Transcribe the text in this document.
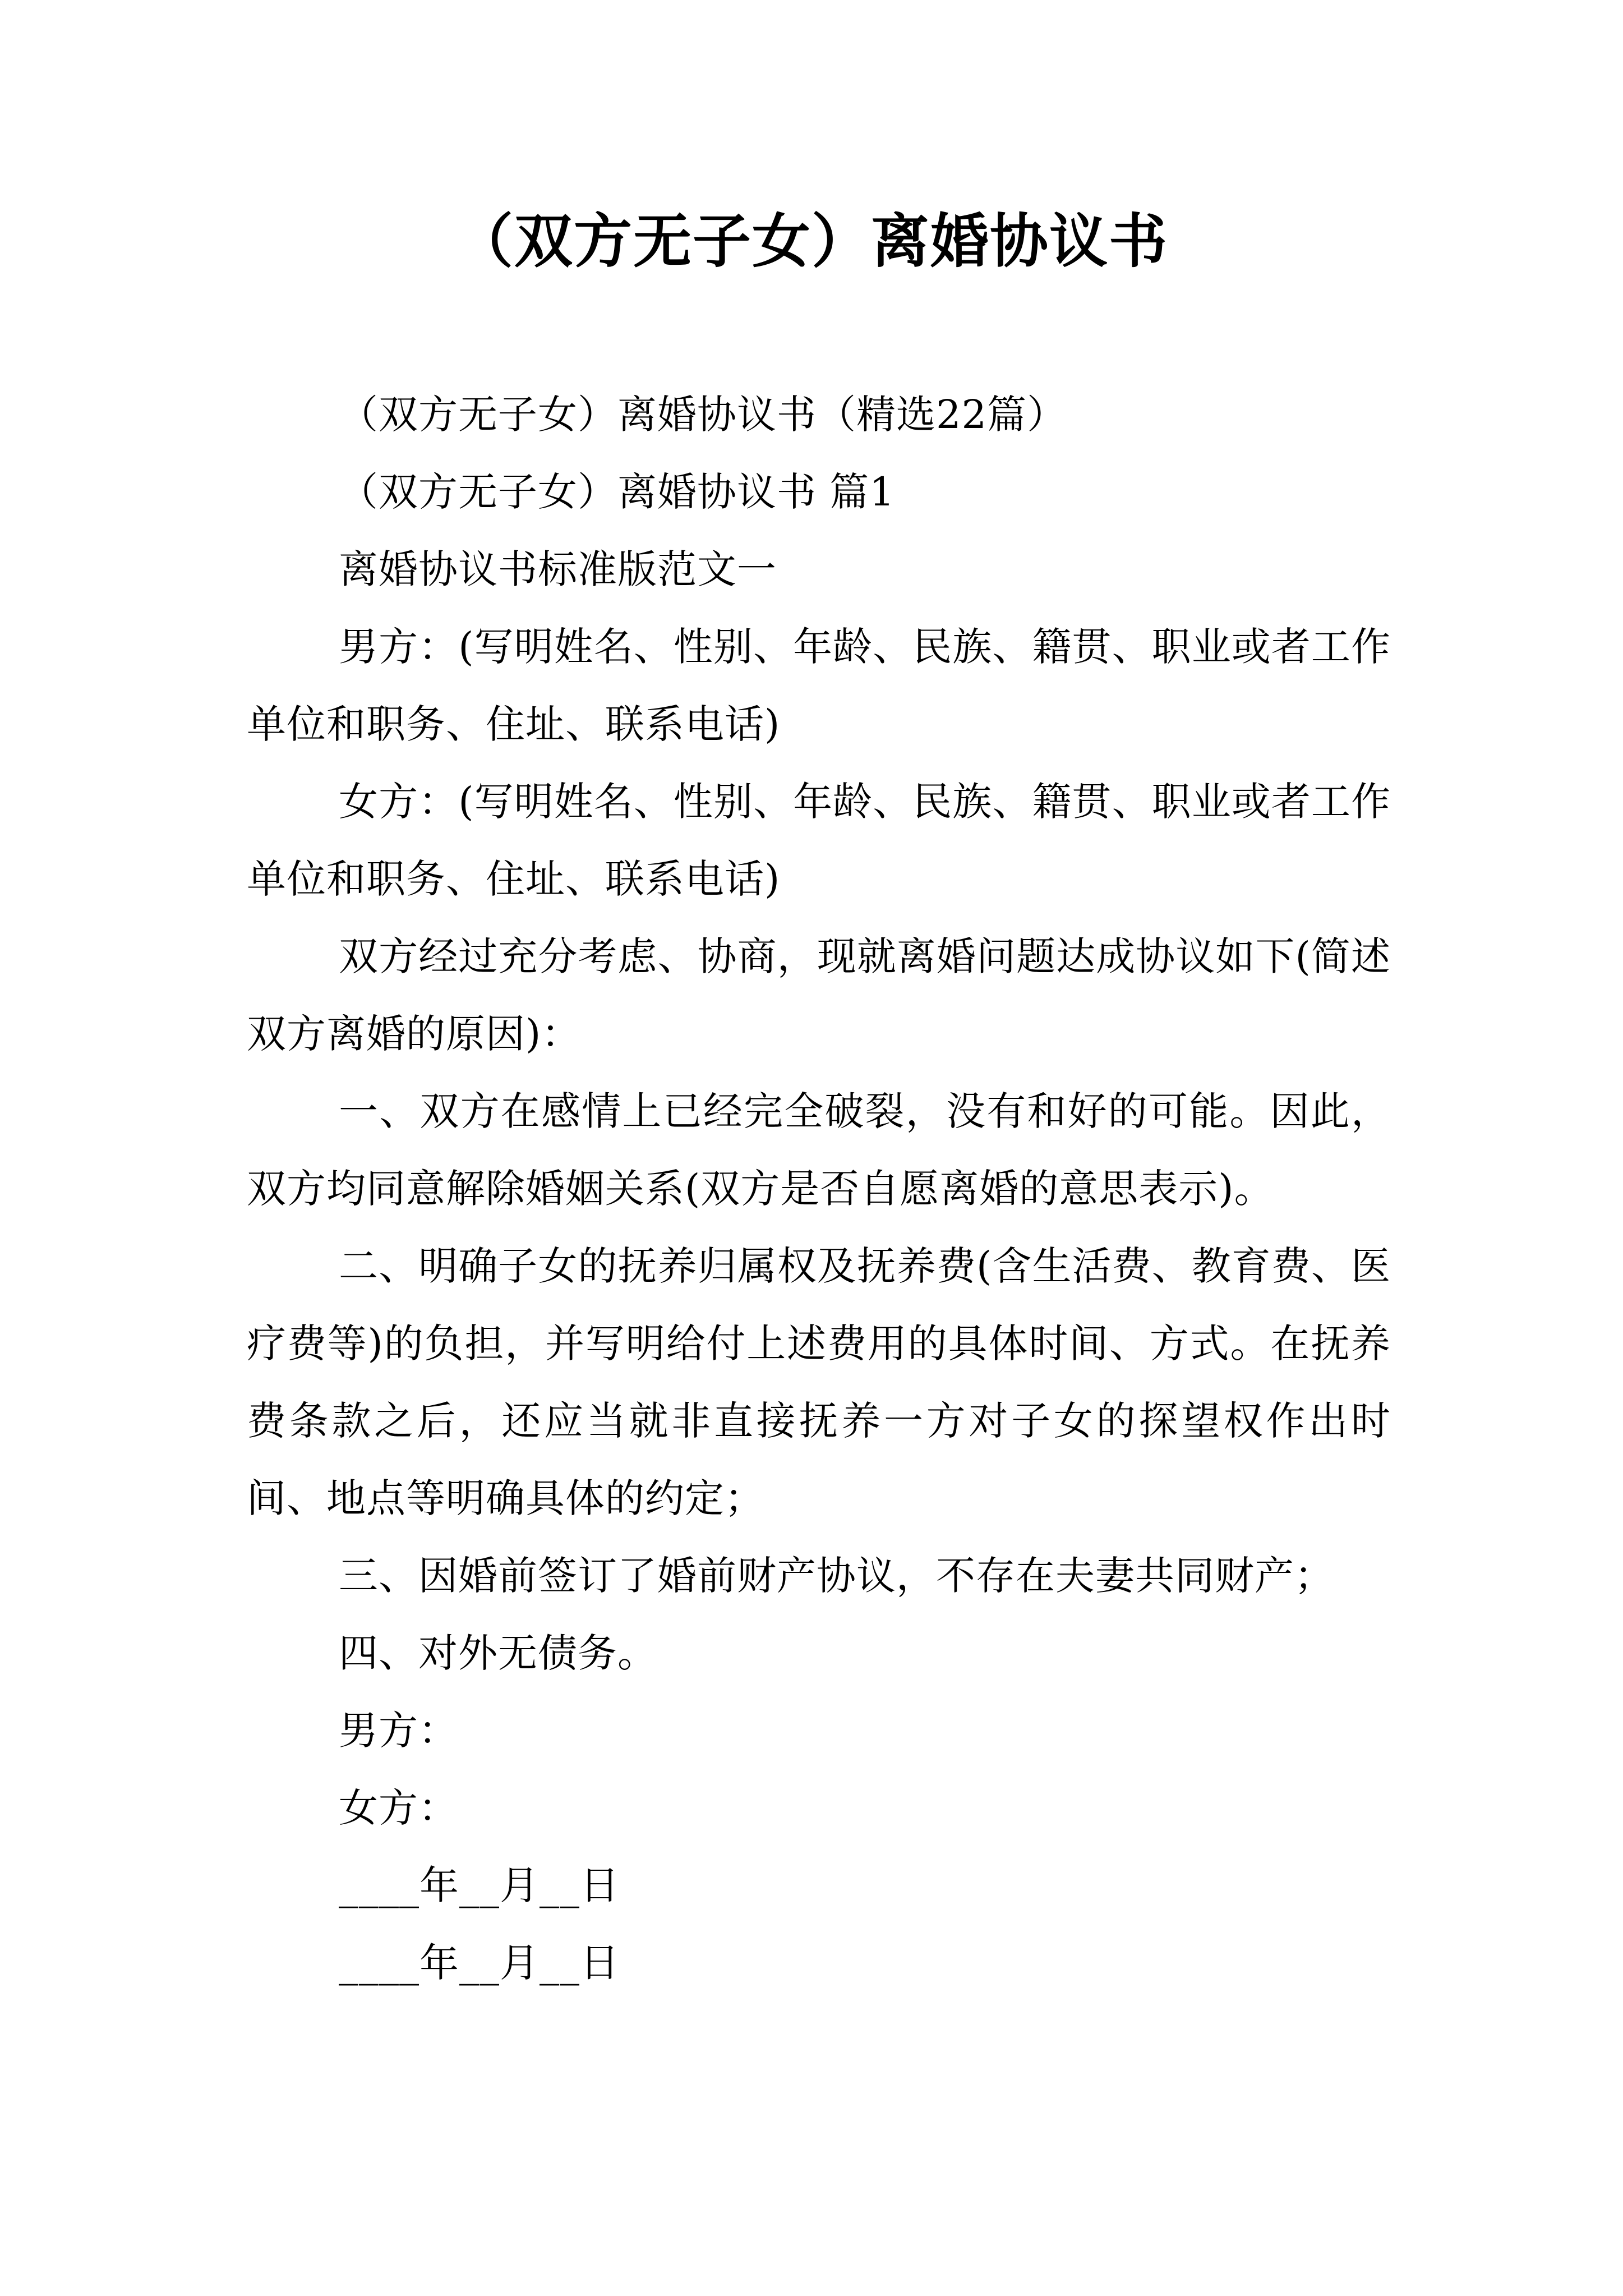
（双方无子女）离婚协议书

（双方无子女）离婚协议书（精选22篇）

（双方无子女）离婚协议书 篇1

离婚协议书标准版范文一

男方：(写明姓名、性别、年龄、民族、籍贯、职业或者工作单位和职务、住址、联系电话)

女方：(写明姓名、性别、年龄、民族、籍贯、职业或者工作单位和职务、住址、联系电话)

双方经过充分考虑、协商，现就离婚问题达成协议如下(简述双方离婚的原因)：

一、双方在感情上已经完全破裂，没有和好的可能。因此，双方均同意解除婚姻关系(双方是否自愿离婚的意思表示)。

二、明确子女的抚养归属权及抚养费(含生活费、教育费、医疗费等)的负担，并写明给付上述费用的具体时间、方式。在抚养费条款之后，还应当就非直接抚养一方对子女的探望权作出时间、地点等明确具体的约定；

三、因婚前签订了婚前财产协议，不存在夫妻共同财产；

四、对外无债务。

男方：

女方：

____年__月__日

____年__月__日
